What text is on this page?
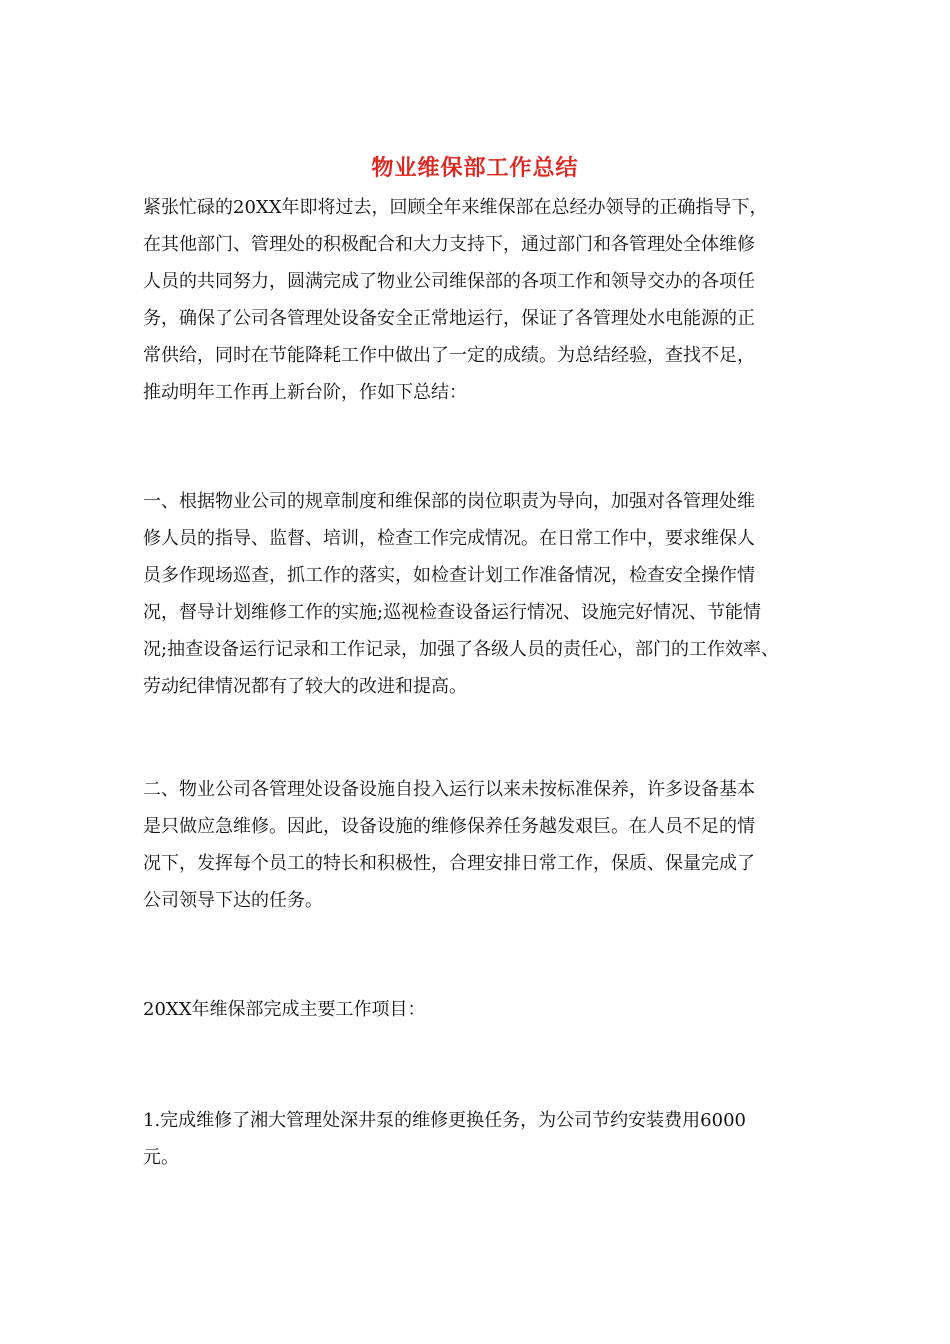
物业维保部工作总结
紧张忙碌的20XX年即将过去，回顾全年来维保部在总经办领导的正确指导下，
在其他部门、管理处的积极配合和大力支持下，通过部门和各管理处全体维修
人员的共同努力，圆满完成了物业公司维保部的各项工作和领导交办的各项任
务，确保了公司各管理处设备安全正常地运行，保证了各管理处水电能源的正
常供给，同时在节能降耗工作中做出了一定的成绩。为总结经验，查找不足，
推动明年工作再上新台阶，作如下总结：
一、根据物业公司的规章制度和维保部的岗位职责为导向，加强对各管理处维
修人员的指导、监督、培训，检查工作完成情况。在日常工作中，要求维保人
员多作现场巡查，抓工作的落实，如检查计划工作准备情况，检查安全操作情
况，督导计划维修工作的实施;巡视检查设备运行情况、设施完好情况、节能情
况;抽查设备运行记录和工作记录，加强了各级人员的责任心，部门的工作效率、
劳动纪律情况都有了较大的改进和提高。
二、物业公司各管理处设备设施自投入运行以来未按标准保养，许多设备基本
是只做应急维修。因此，设备设施的维修保养任务越发艰巨。在人员不足的情
况下，发挥每个员工的特长和积极性，合理安排日常工作，保质、保量完成了
公司领导下达的任务。
20XX年维保部完成主要工作项目：
1.完成维修了湘大管理处深井泵的维修更换任务，为公司节约安装费用6000
元。
